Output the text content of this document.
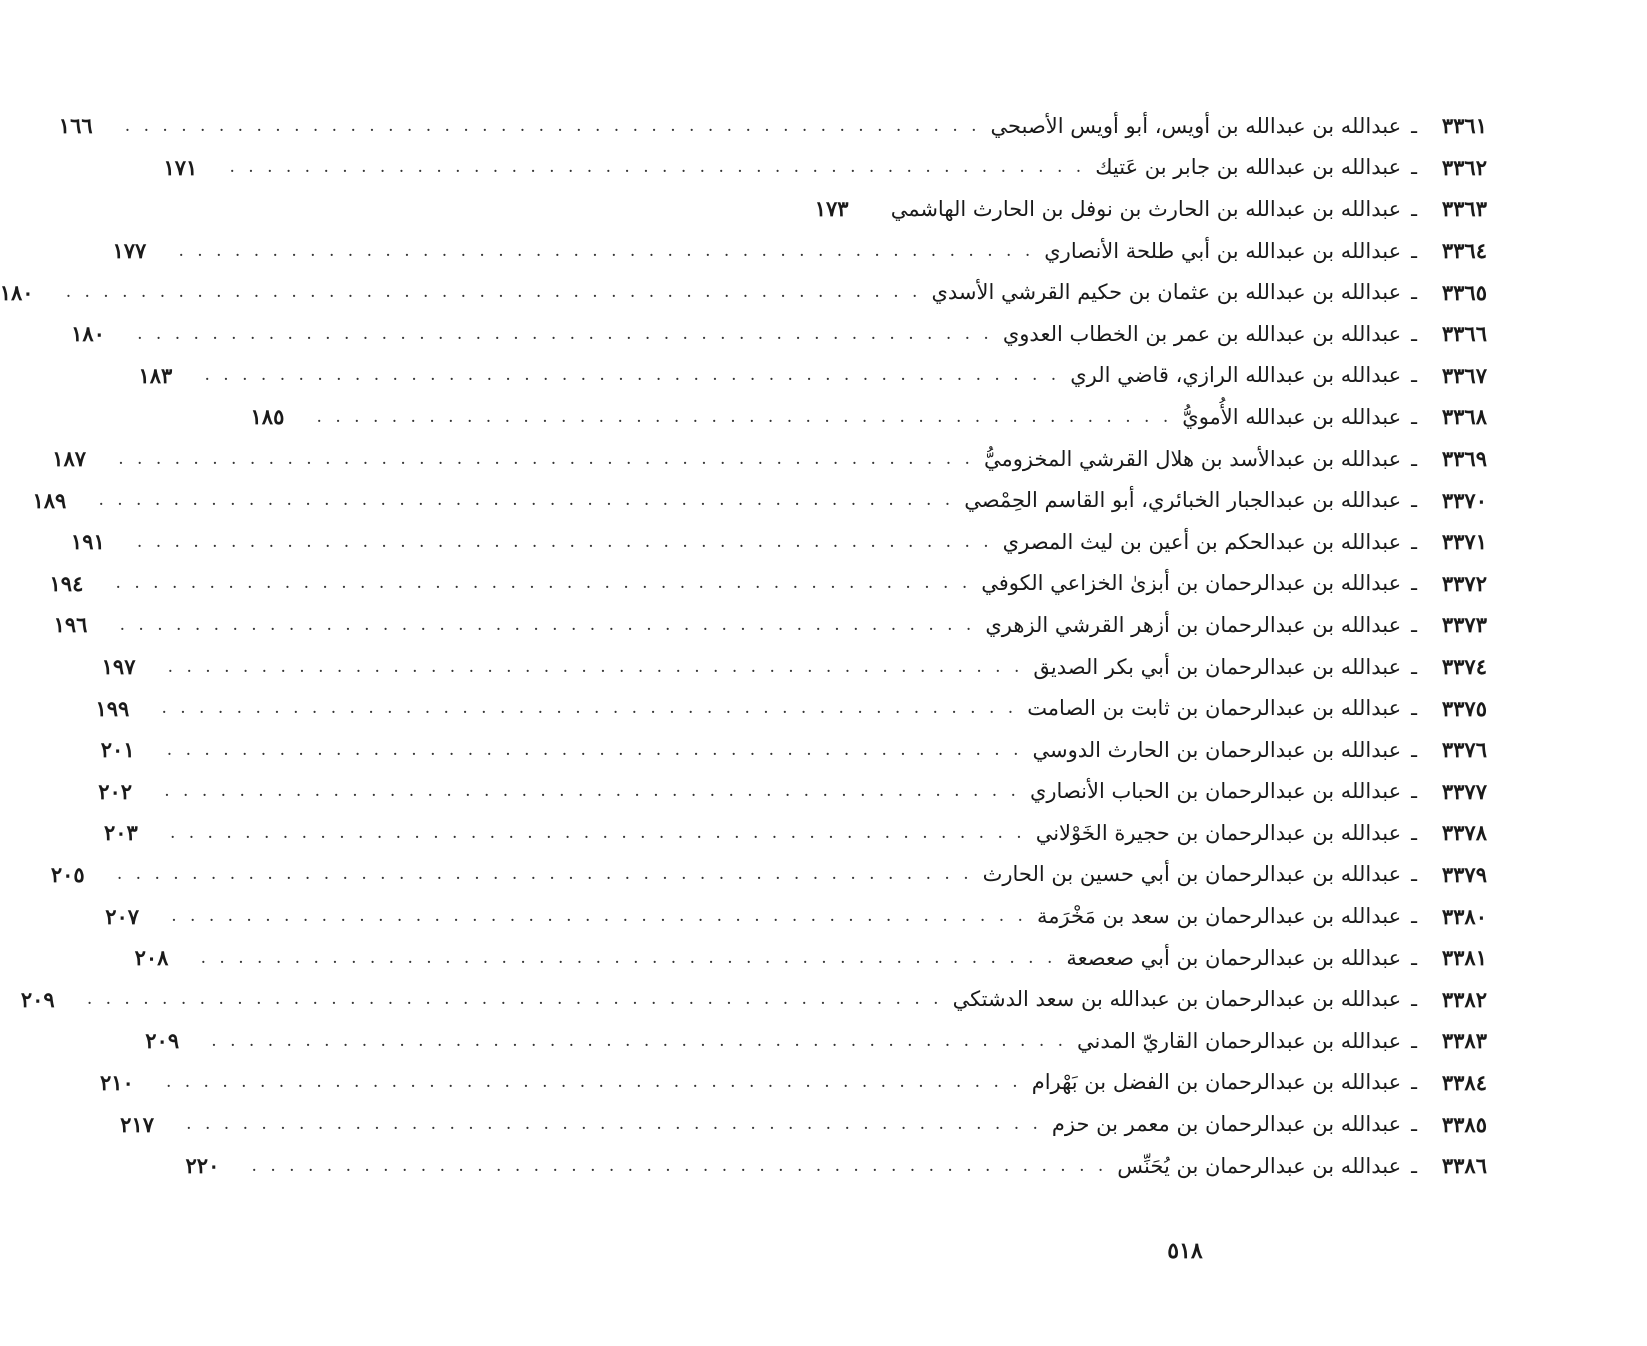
٣٣٦١
ـ
عبدالله بن عبدالله بن أويس، أبو أويس الأصبحي
. . . . . . . . . . . . . . . . . . . . . . . . . . . . . . . . . . . . . . . . . . . . . .
١٦٦
٣٣٦٢
ـ
عبدالله بن عبدالله بن جابر بن عَتيك
. . . . . . . . . . . . . . . . . . . . . . . . . . . . . . . . . . . . . . . . . . . . . .
١٧١
٣٣٦٣
ـ
عبدالله بن عبدالله بن الحارث بن نوفل بن الحارث الهاشمي
١٧٣
٣٣٦٤
ـ
عبدالله بن عبدالله بن أبي طلحة الأنصاري
. . . . . . . . . . . . . . . . . . . . . . . . . . . . . . . . . . . . . . . . . . . . . .
١٧٧
٣٣٦٥
ـ
عبدالله بن عبدالله بن عثمان بن حكيم القرشي الأسدي
. . . . . . . . . . . . . . . . . . . . . . . . . . . . . . . . . . . . . . . . . . . . . .
١٨٠
٣٣٦٦
ـ
عبدالله بن عبدالله بن عمر بن الخطاب العدوي
. . . . . . . . . . . . . . . . . . . . . . . . . . . . . . . . . . . . . . . . . . . . . .
١٨٠
٣٣٦٧
ـ
عبدالله بن عبدالله الرازي، قاضي الري
. . . . . . . . . . . . . . . . . . . . . . . . . . . . . . . . . . . . . . . . . . . . . .
١٨٣
٣٣٦٨
ـ
عبدالله بن عبدالله الأُمويُّ
. . . . . . . . . . . . . . . . . . . . . . . . . . . . . . . . . . . . . . . . . . . . . .
١٨٥
٣٣٦٩
ـ
عبدالله بن عبدالأسد بن هلال القرشي المخزوميُّ
. . . . . . . . . . . . . . . . . . . . . . . . . . . . . . . . . . . . . . . . . . . . . .
١٨٧
٣٣٧٠
ـ
عبدالله بن عبدالجبار الخبائري، أبو القاسم الحِمْصي
. . . . . . . . . . . . . . . . . . . . . . . . . . . . . . . . . . . . . . . . . . . . . .
١٨٩
٣٣٧١
ـ
عبدالله بن عبدالحكم بن أعين بن ليث المصري
. . . . . . . . . . . . . . . . . . . . . . . . . . . . . . . . . . . . . . . . . . . . . .
١٩١
٣٣٧٢
ـ
عبدالله بن عبدالرحمان بن أبزىٰ الخزاعي الكوفي
. . . . . . . . . . . . . . . . . . . . . . . . . . . . . . . . . . . . . . . . . . . . . .
١٩٤
٣٣٧٣
ـ
عبدالله بن عبدالرحمان بن أزهر القرشي الزهري
. . . . . . . . . . . . . . . . . . . . . . . . . . . . . . . . . . . . . . . . . . . . . .
١٩٦
٣٣٧٤
ـ
عبدالله بن عبدالرحمان بن أبي بكر الصديق
. . . . . . . . . . . . . . . . . . . . . . . . . . . . . . . . . . . . . . . . . . . . . .
١٩٧
٣٣٧٥
ـ
عبدالله بن عبدالرحمان بن ثابت بن الصامت
. . . . . . . . . . . . . . . . . . . . . . . . . . . . . . . . . . . . . . . . . . . . . .
١٩٩
٣٣٧٦
ـ
عبدالله بن عبدالرحمان بن الحارث الدوسي
. . . . . . . . . . . . . . . . . . . . . . . . . . . . . . . . . . . . . . . . . . . . . .
٢٠١
٣٣٧٧
ـ
عبدالله بن عبدالرحمان بن الحباب الأنصاري
. . . . . . . . . . . . . . . . . . . . . . . . . . . . . . . . . . . . . . . . . . . . . .
٢٠٢
٣٣٧٨
ـ
عبدالله بن عبدالرحمان بن حجيرة الخَوْلاني
. . . . . . . . . . . . . . . . . . . . . . . . . . . . . . . . . . . . . . . . . . . . . .
٢٠٣
٣٣٧٩
ـ
عبدالله بن عبدالرحمان بن أبي حسين بن الحارث
. . . . . . . . . . . . . . . . . . . . . . . . . . . . . . . . . . . . . . . . . . . . . .
٢٠٥
٣٣٨٠
ـ
عبدالله بن عبدالرحمان بن سعد بن مَخْرَمة
. . . . . . . . . . . . . . . . . . . . . . . . . . . . . . . . . . . . . . . . . . . . . .
٢٠٧
٣٣٨١
ـ
عبدالله بن عبدالرحمان بن أبي صعصعة
. . . . . . . . . . . . . . . . . . . . . . . . . . . . . . . . . . . . . . . . . . . . . .
٢٠٨
٣٣٨٢
ـ
عبدالله بن عبدالرحمان بن عبدالله بن سعد الدشتكي
. . . . . . . . . . . . . . . . . . . . . . . . . . . . . . . . . . . . . . . . . . . . . .
٢٠٩
٣٣٨٣
ـ
عبدالله بن عبدالرحمان القاريّ المدني
. . . . . . . . . . . . . . . . . . . . . . . . . . . . . . . . . . . . . . . . . . . . . .
٢٠٩
٣٣٨٤
ـ
عبدالله بن عبدالرحمان بن الفضل بن بَهْرام
. . . . . . . . . . . . . . . . . . . . . . . . . . . . . . . . . . . . . . . . . . . . . .
٢١٠
٣٣٨٥
ـ
عبدالله بن عبدالرحمان بن معمر بن حزم
. . . . . . . . . . . . . . . . . . . . . . . . . . . . . . . . . . . . . . . . . . . . . .
٢١٧
٣٣٨٦
ـ
عبدالله بن عبدالرحمان بن يُحَنِّس
. . . . . . . . . . . . . . . . . . . . . . . . . . . . . . . . . . . . . . . . . . . . . .
٢٢٠
٥١٨
